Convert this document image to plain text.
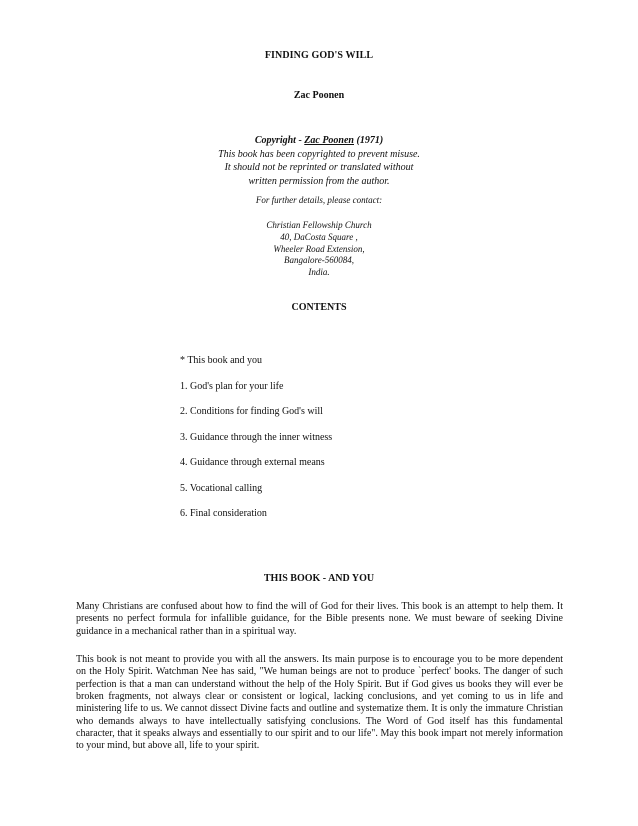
FINDING GOD'S WILL
Zac Poonen
Copyright - Zac Poonen (1971)
This book has been copyrighted to prevent misuse.
It should not be reprinted or translated without
written permission from the author.
For further details, please contact:
Christian Fellowship Church
40, DaCosta Square ,
Wheeler Road Extension,
Bangalore-560084,
India.
CONTENTS
* This book and you
1. God's plan for your life
2. Conditions for finding God's will
3. Guidance through the inner witness
4. Guidance through external means
5. Vocational calling
6. Final consideration
THIS BOOK - AND YOU

Many Christians are confused about how to find the will of God for their lives. This book is an attempt to help them. It presents no perfect formula for infallible guidance, for the Bible presents none. We must beware of seeking Divine guidance in a mechanical rather than in a spiritual way.

This book is not meant to provide you with all the answers. Its main purpose is to encourage you to be more dependent on the Holy Spirit. Watchman Nee has said, "We human beings are not to produce `perfect' books. The danger of such perfection is that a man can understand without the help of the Holy Spirit. But if God gives us books they will ever be broken fragments, not always clear or consistent or logical, lacking conclusions, and yet coming to us in life and ministering life to us. We cannot dissect Divine facts and outline and systematize them. It is only the immature Christian who demands always to have intellectually satisfying conclusions. The Word of God itself has this fundamental character, that it speaks always and essentially to our spirit and to our life". May this book impart not merely information to your mind, but above all, life to your spirit.
